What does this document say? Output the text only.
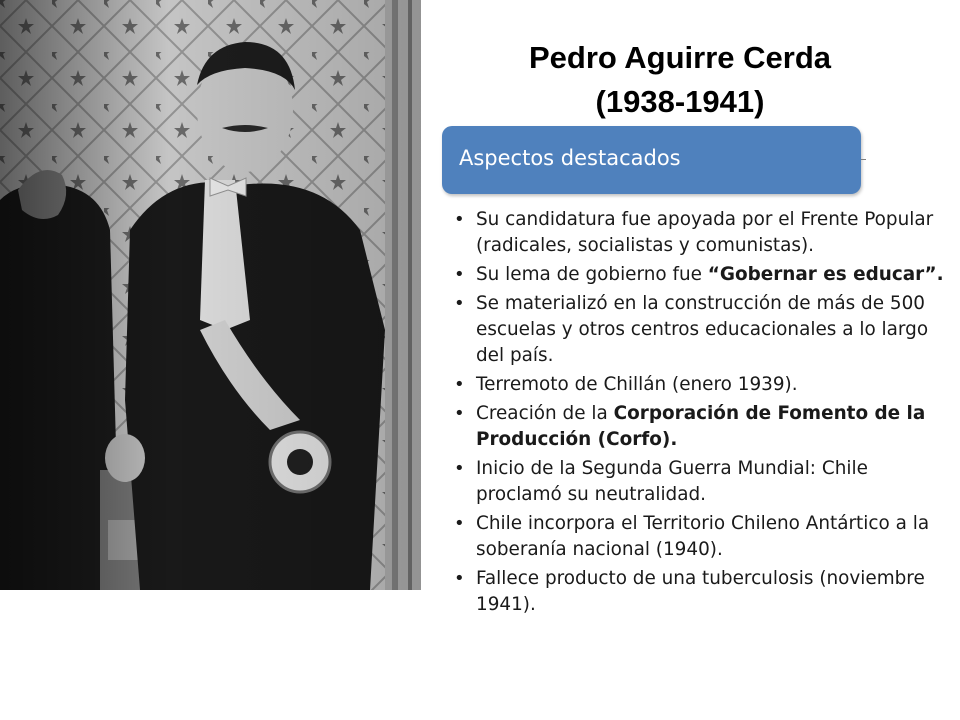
Pedro Aguirre Cerda
(1938-1941)
Aspectos destacados
• Su candidatura fue apoyada por el Frente Popular (radicales, socialistas y comunistas).
• Su lema de gobierno fue “Gobernar es educar”.
• Se materializó en la construcción de más de 500 escuelas y otros centros educacionales a lo largo del país.
• Terremoto de Chillán (enero 1939).
• Creación de la Corporación de Fomento de la Producción (Corfo).
• Inicio de la Segunda Guerra Mundial: Chile proclamó su neutralidad.
• Chile incorpora el Territorio Chileno Antártico a la soberanía nacional (1940).
• Fallece producto de una tuberculosis (noviembre 1941).
